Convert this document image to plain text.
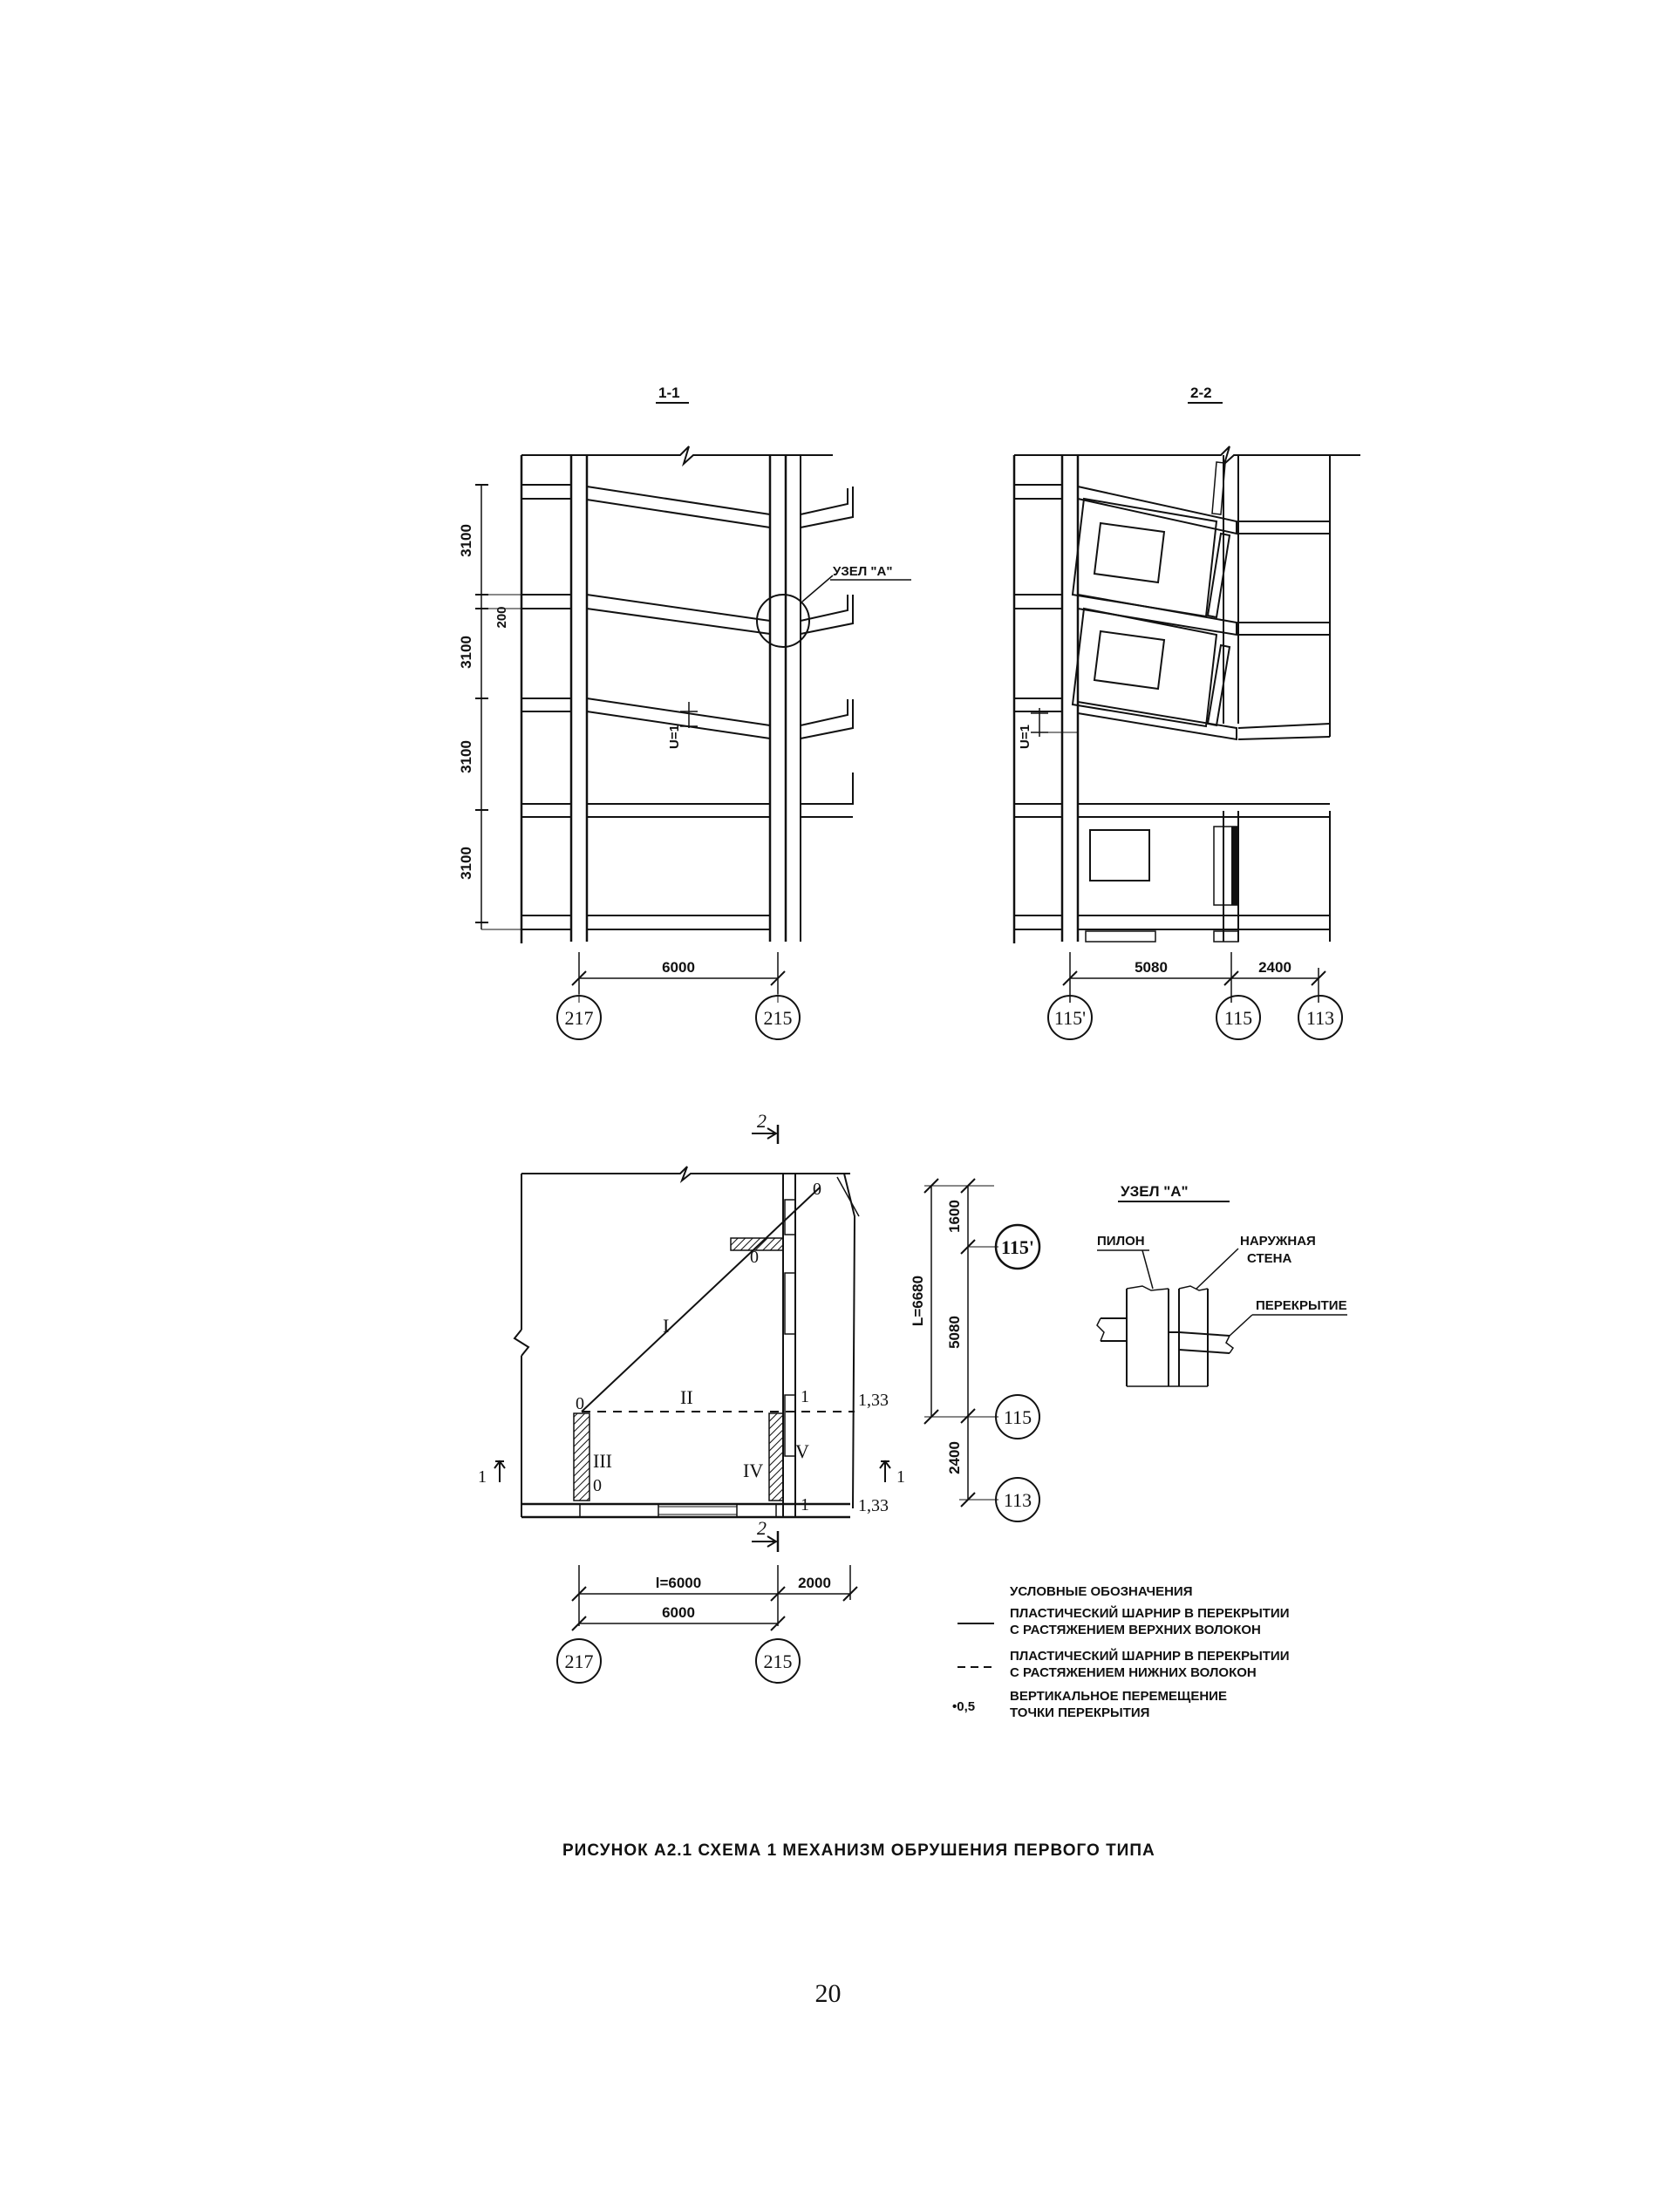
1-1
УЗЕЛ "А"
3100
3100
3100
3100
200
U=1
6000
217	215
2-2
U=1
5080	2400
115'	115	113
2
I
II
III	IV
V
0
0
0
0
1
1
1,33
1,33
1	1
2
1600
5080
2400
L=6680
115'
115
113
l=6000	2000
6000
217	215
УЗЕЛ "А"
ПИЛОН	НАРУЖНАЯ
СТЕНА
ПЕРЕКРЫТИЕ
УСЛОВНЫЕ ОБОЗНАЧЕНИЯ
ПЛАСТИЧЕСКИЙ ШАРНИР В ПЕРЕКРЫТИИ
С РАСТЯЖЕНИЕМ ВЕРХНИХ ВОЛОКОН
ПЛАСТИЧЕСКИЙ ШАРНИР В ПЕРЕКРЫТИИ
С РАСТЯЖЕНИЕМ НИЖНИХ ВОЛОКОН
•0,5
ВЕРТИКАЛЬНОЕ ПЕРЕМЕЩЕНИЕ
ТОЧКИ ПЕРЕКРЫТИЯ
РИСУНОК А2.1 СХЕМА 1 МЕХАНИЗМ ОБРУШЕНИЯ ПЕРВОГО ТИПА
20
